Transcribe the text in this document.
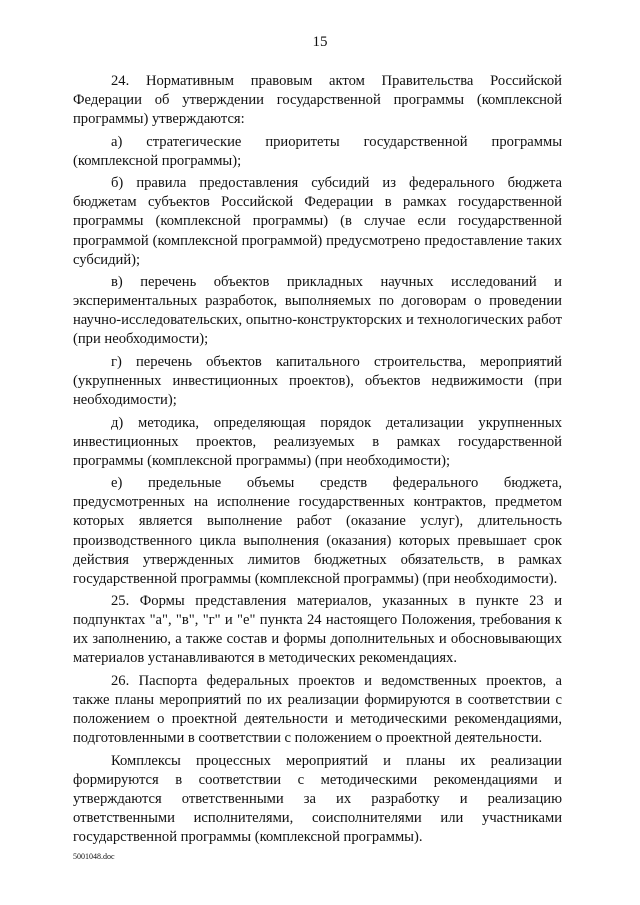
15

24. Нормативным правовым актом Правительства Российской Федерации об утверждении государственной программы (комплексной программы) утверждаются:

а) стратегические приоритеты государственной программы (комплексной программы);

б) правила предоставления субсидий из федерального бюджета бюджетам субъектов Российской Федерации в рамках государственной программы (комплексной программы) (в случае если государственной программой (комплексной программой) предусмотрено предоставление таких субсидий);

в) перечень объектов прикладных научных исследований и экспериментальных разработок, выполняемых по договорам о проведении научно-исследовательских, опытно-конструкторских и технологических работ (при необходимости);

г) перечень объектов капитального строительства, мероприятий (укрупненных инвестиционных проектов), объектов недвижимости (при необходимости);

д) методика, определяющая порядок детализации укрупненных инвестиционных проектов, реализуемых в рамках государственной программы (комплексной программы) (при необходимости);

е) предельные объемы средств федерального бюджета, предусмотренных на исполнение государственных контрактов, предметом которых является выполнение работ (оказание услуг), длительность производственного цикла выполнения (оказания) которых превышает срок действия утвержденных лимитов бюджетных обязательств, в рамках государственной программы (комплексной программы) (при необходимости).

25. Формы представления материалов, указанных в пункте 23 и подпунктах "а", "в", "г" и "е" пункта 24 настоящего Положения, требования к их заполнению, а также состав и формы дополнительных и обосновывающих материалов устанавливаются в методических рекомендациях.

26. Паспорта федеральных проектов и ведомственных проектов, а также планы мероприятий по их реализации формируются в соответствии с положением о проектной деятельности и методическими рекомендациями, подготовленными в соответствии с положением о проектной деятельности.

Комплексы процессных мероприятий и планы их реализации формируются в соответствии с методическими рекомендациями и утверждаются ответственными за их разработку и реализацию ответственными исполнителями, соисполнителями или участниками государственной программы (комплексной программы).

5001048.doc
